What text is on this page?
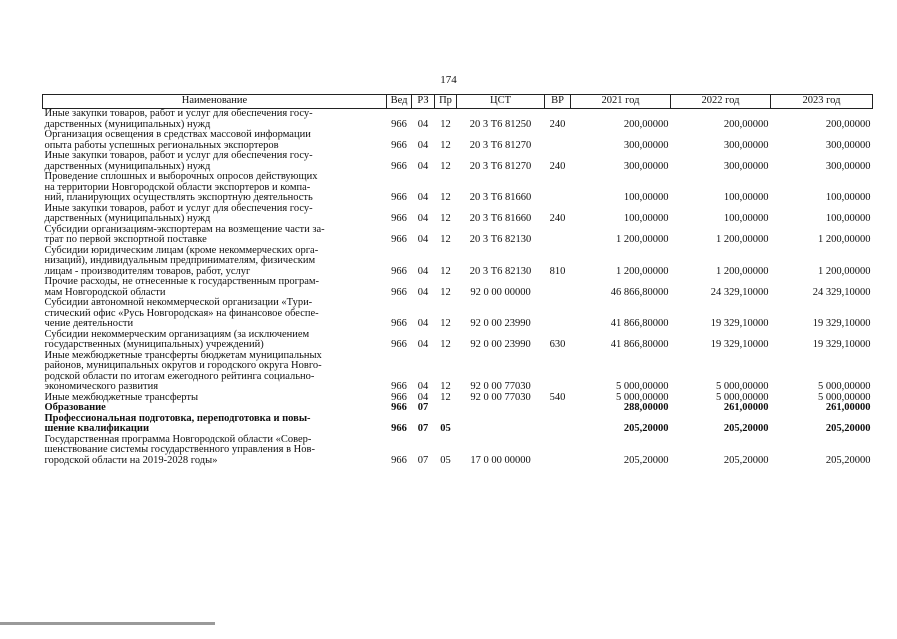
174
Наименование	Вед	РЗ	Пр	ЦСТ	ВР	2021 год	2022 год	2023 год

Иные закупки товаров, работ и услуг для обеспечения госу-
дарственных (муниципальных) нужд	966	04	12	20 3 Т6 81250	240	200,00000	200,00000	200,00000

Организация освещения в средствах массовой информации
опыта работы успешных региональных экспортеров	966	04	12	20 3 Т6 81270		300,00000	300,00000	300,00000

Иные закупки товаров, работ и услуг для обеспечения госу-
дарственных (муниципальных) нужд	966	04	12	20 3 Т6 81270	240	300,00000	300,00000	300,00000

Проведение сплошных и выборочных опросов действующих
на территории Новгородской области экспортеров и компа-
ний, планирующих осуществлять экспортную деятельность	966	04	12	20 3 Т6 81660		100,00000	100,00000	100,00000

Иные закупки товаров, работ и услуг для обеспечения госу-
дарственных (муниципальных) нужд	966	04	12	20 3 Т6 81660	240	100,00000	100,00000	100,00000

Субсидии организациям-экспортерам на возмещение части за-
трат по первой экспортной поставке	966	04	12	20 3 Т6 82130		1 200,00000	1 200,00000	1 200,00000

Субсидии юридическим лицам (кроме некоммерческих орга-
низаций), индивидуальным предпринимателям, физическим
лицам - производителям товаров, работ, услуг	966	04	12	20 3 Т6 82130	810	1 200,00000	1 200,00000	1 200,00000

Прочие расходы, не отнесенные к государственным програм-
мам Новгородской области	966	04	12	92 0 00 00000		46 866,80000	24 329,10000	24 329,10000

Субсидии автономной некоммерческой организации «Тури-
стический офис «Русь Новгородская» на финансовое обеспе-
чение деятельности	966	04	12	92 0 00 23990		41 866,80000	19 329,10000	19 329,10000

Субсидии некоммерческим организациям (за исключением
государственных (муниципальных) учреждений)	966	04	12	92 0 00 23990	630	41 866,80000	19 329,10000	19 329,10000

Иные межбюджетные трансферты бюджетам муниципальных
районов, муниципальных округов и городского округа Новго-
родской области по итогам ежегодного рейтинга социально-
экономического развития	966	04	12	92 0 00 77030		5 000,00000	5 000,00000	5 000,00000

Иные межбюджетные трансферты	966	04	12	92 0 00 77030	540	5 000,00000	5 000,00000	5 000,00000

Образование	966	07				288,00000	261,00000	261,00000

Профессиональная подготовка, переподготовка и повы-
шение квалификации	966	07	05			205,20000	205,20000	205,20000

Государственная программа Новгородской области «Совер-
шенствование системы государственного управления в Нов-
городской области на 2019-2028 годы»	966	07	05	17 0 00 00000		205,20000	205,20000	205,20000
